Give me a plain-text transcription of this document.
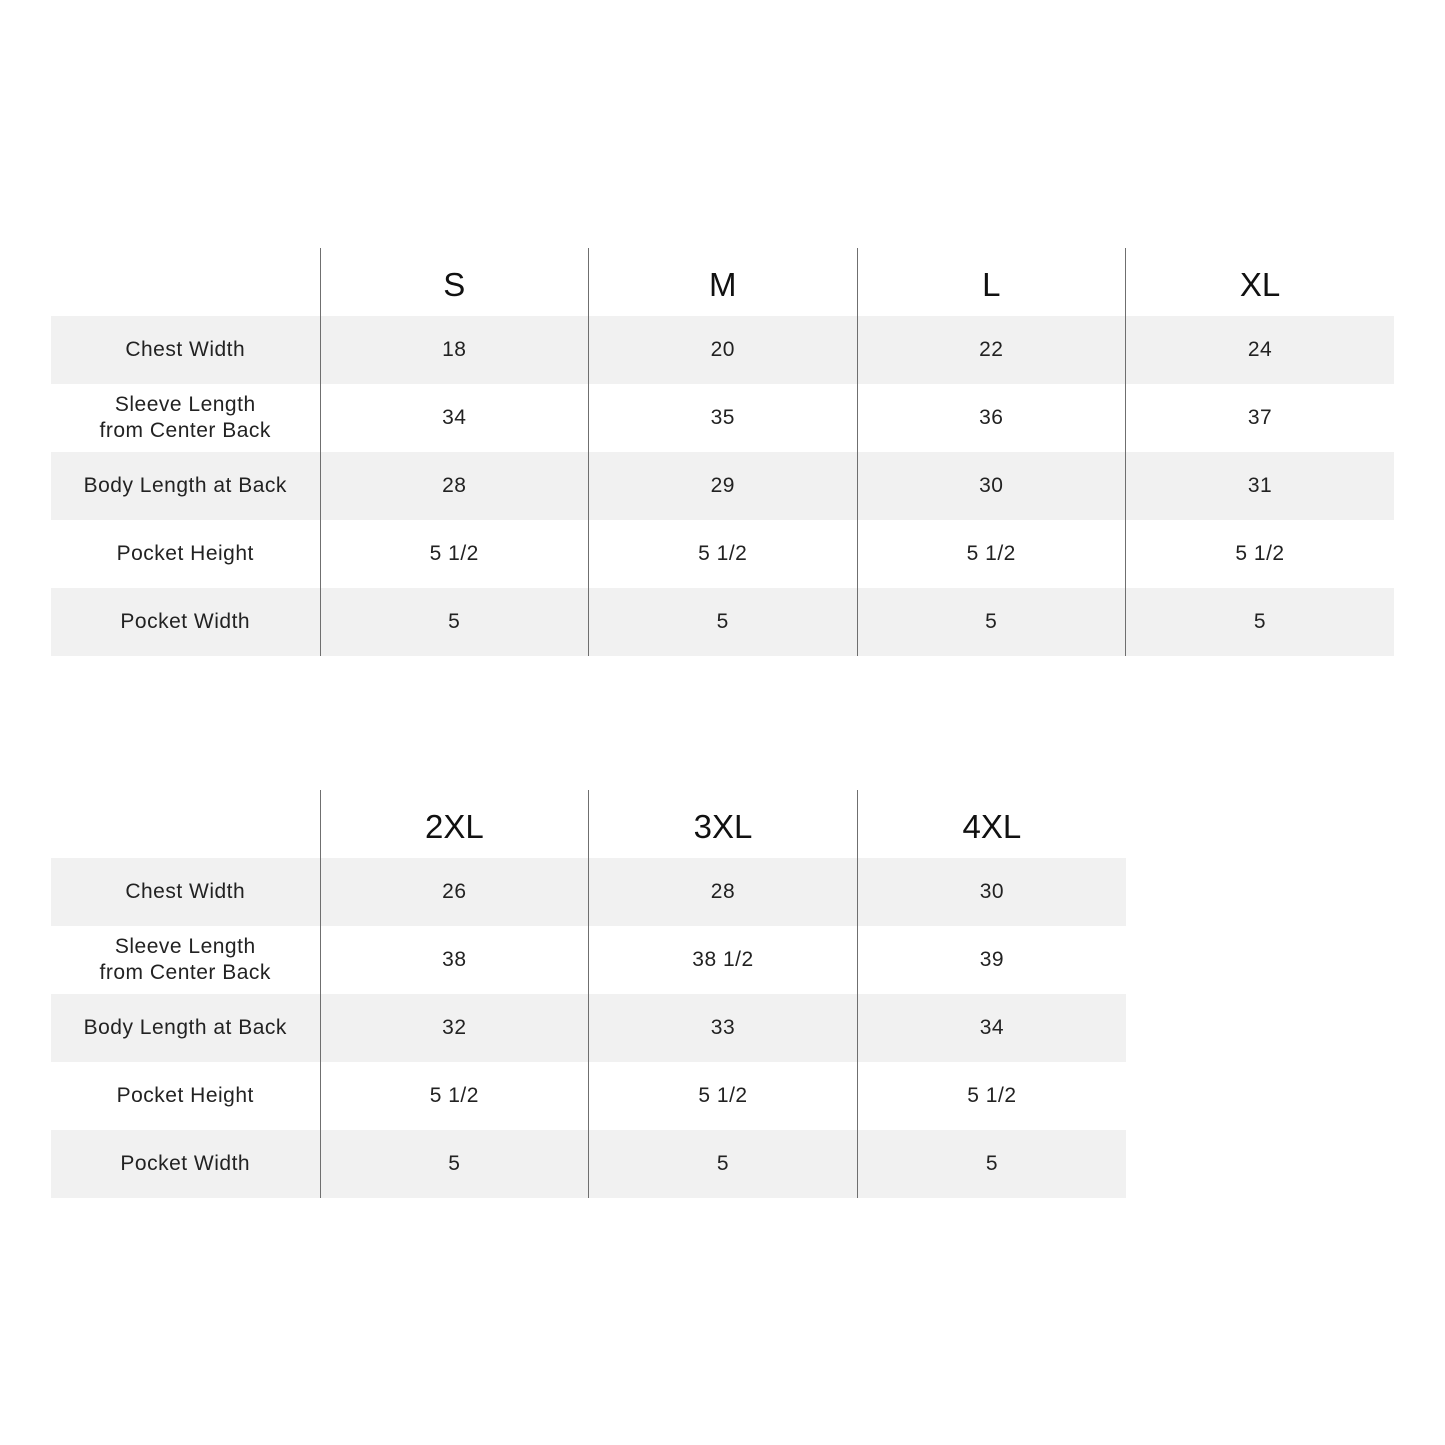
	S	M	L	XL
Chest Width	18	20	22	24
Sleeve Length
from Center Back	34	35	36	37
Body Length at Back	28	29	30	31
Pocket Height	5 1/2	5 1/2	5 1/2	5 1/2
Pocket Width	5	5	5	5
	2XL	3XL	4XL
Chest Width	26	28	30
Sleeve Length
from Center Back	38	38 1/2	39
Body Length at Back	32	33	34
Pocket Height	5 1/2	5 1/2	5 1/2
Pocket Width	5	5	5
